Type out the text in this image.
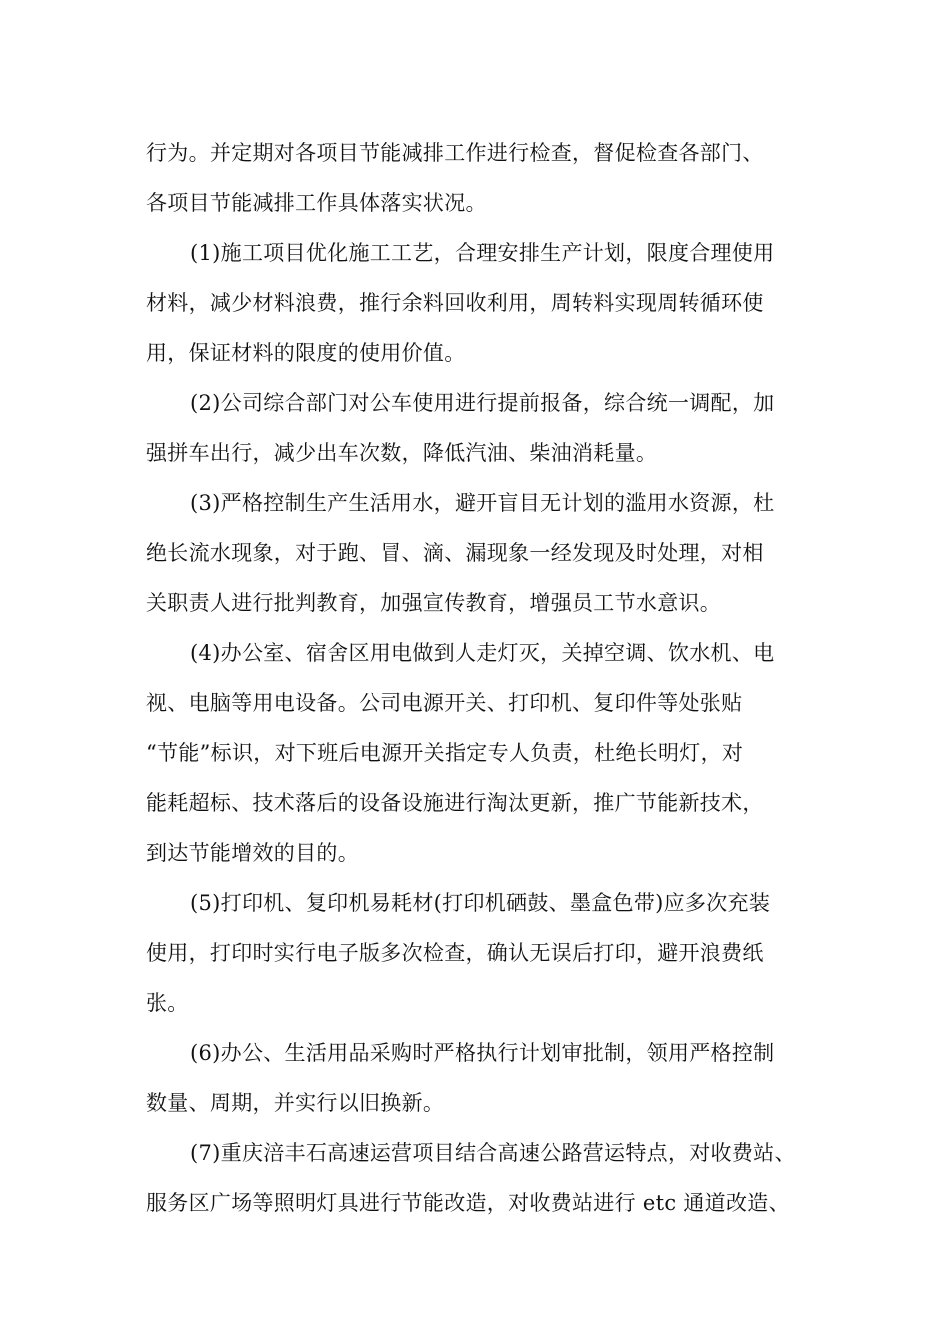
行为。并定期对各项目节能减排工作进行检查，督促检查各部门、
各项目节能减排工作具体落实状况。
(1)施工项目优化施工工艺，合理安排生产计划，限度合理使用
材料，减少材料浪费，推行余料回收利用，周转料实现周转循环使
用，保证材料的限度的使用价值。
(2)公司综合部门对公车使用进行提前报备，综合统一调配，加
强拼车出行，减少出车次数，降低汽油、柴油消耗量。
(3)严格控制生产生活用水，避开盲目无计划的滥用水资源，杜
绝长流水现象，对于跑、冒、滴、漏现象一经发现及时处理，对相
关职责人进行批判教育，加强宣传教育，增强员工节水意识。
(4)办公室、宿舍区用电做到人走灯灭，关掉空调、饮水机、电
视、电脑等用电设备。公司电源开关、打印机、复印件等处张贴
“节能”标识，对下班后电源开关指定专人负责，杜绝长明灯，对
能耗超标、技术落后的设备设施进行淘汰更新，推广节能新技术，
到达节能增效的目的。
(5)打印机、复印机易耗材(打印机硒鼓、墨盒色带)应多次充装
使用，打印时实行电子版多次检查，确认无误后打印，避开浪费纸
张。
(6)办公、生活用品采购时严格执行计划审批制，领用严格控制
数量、周期，并实行以旧换新。
(7)重庆涪丰石高速运营项目结合高速公路营运特点，对收费站、
服务区广场等照明灯具进行节能改造，对收费站进行 etc 通道改造、
